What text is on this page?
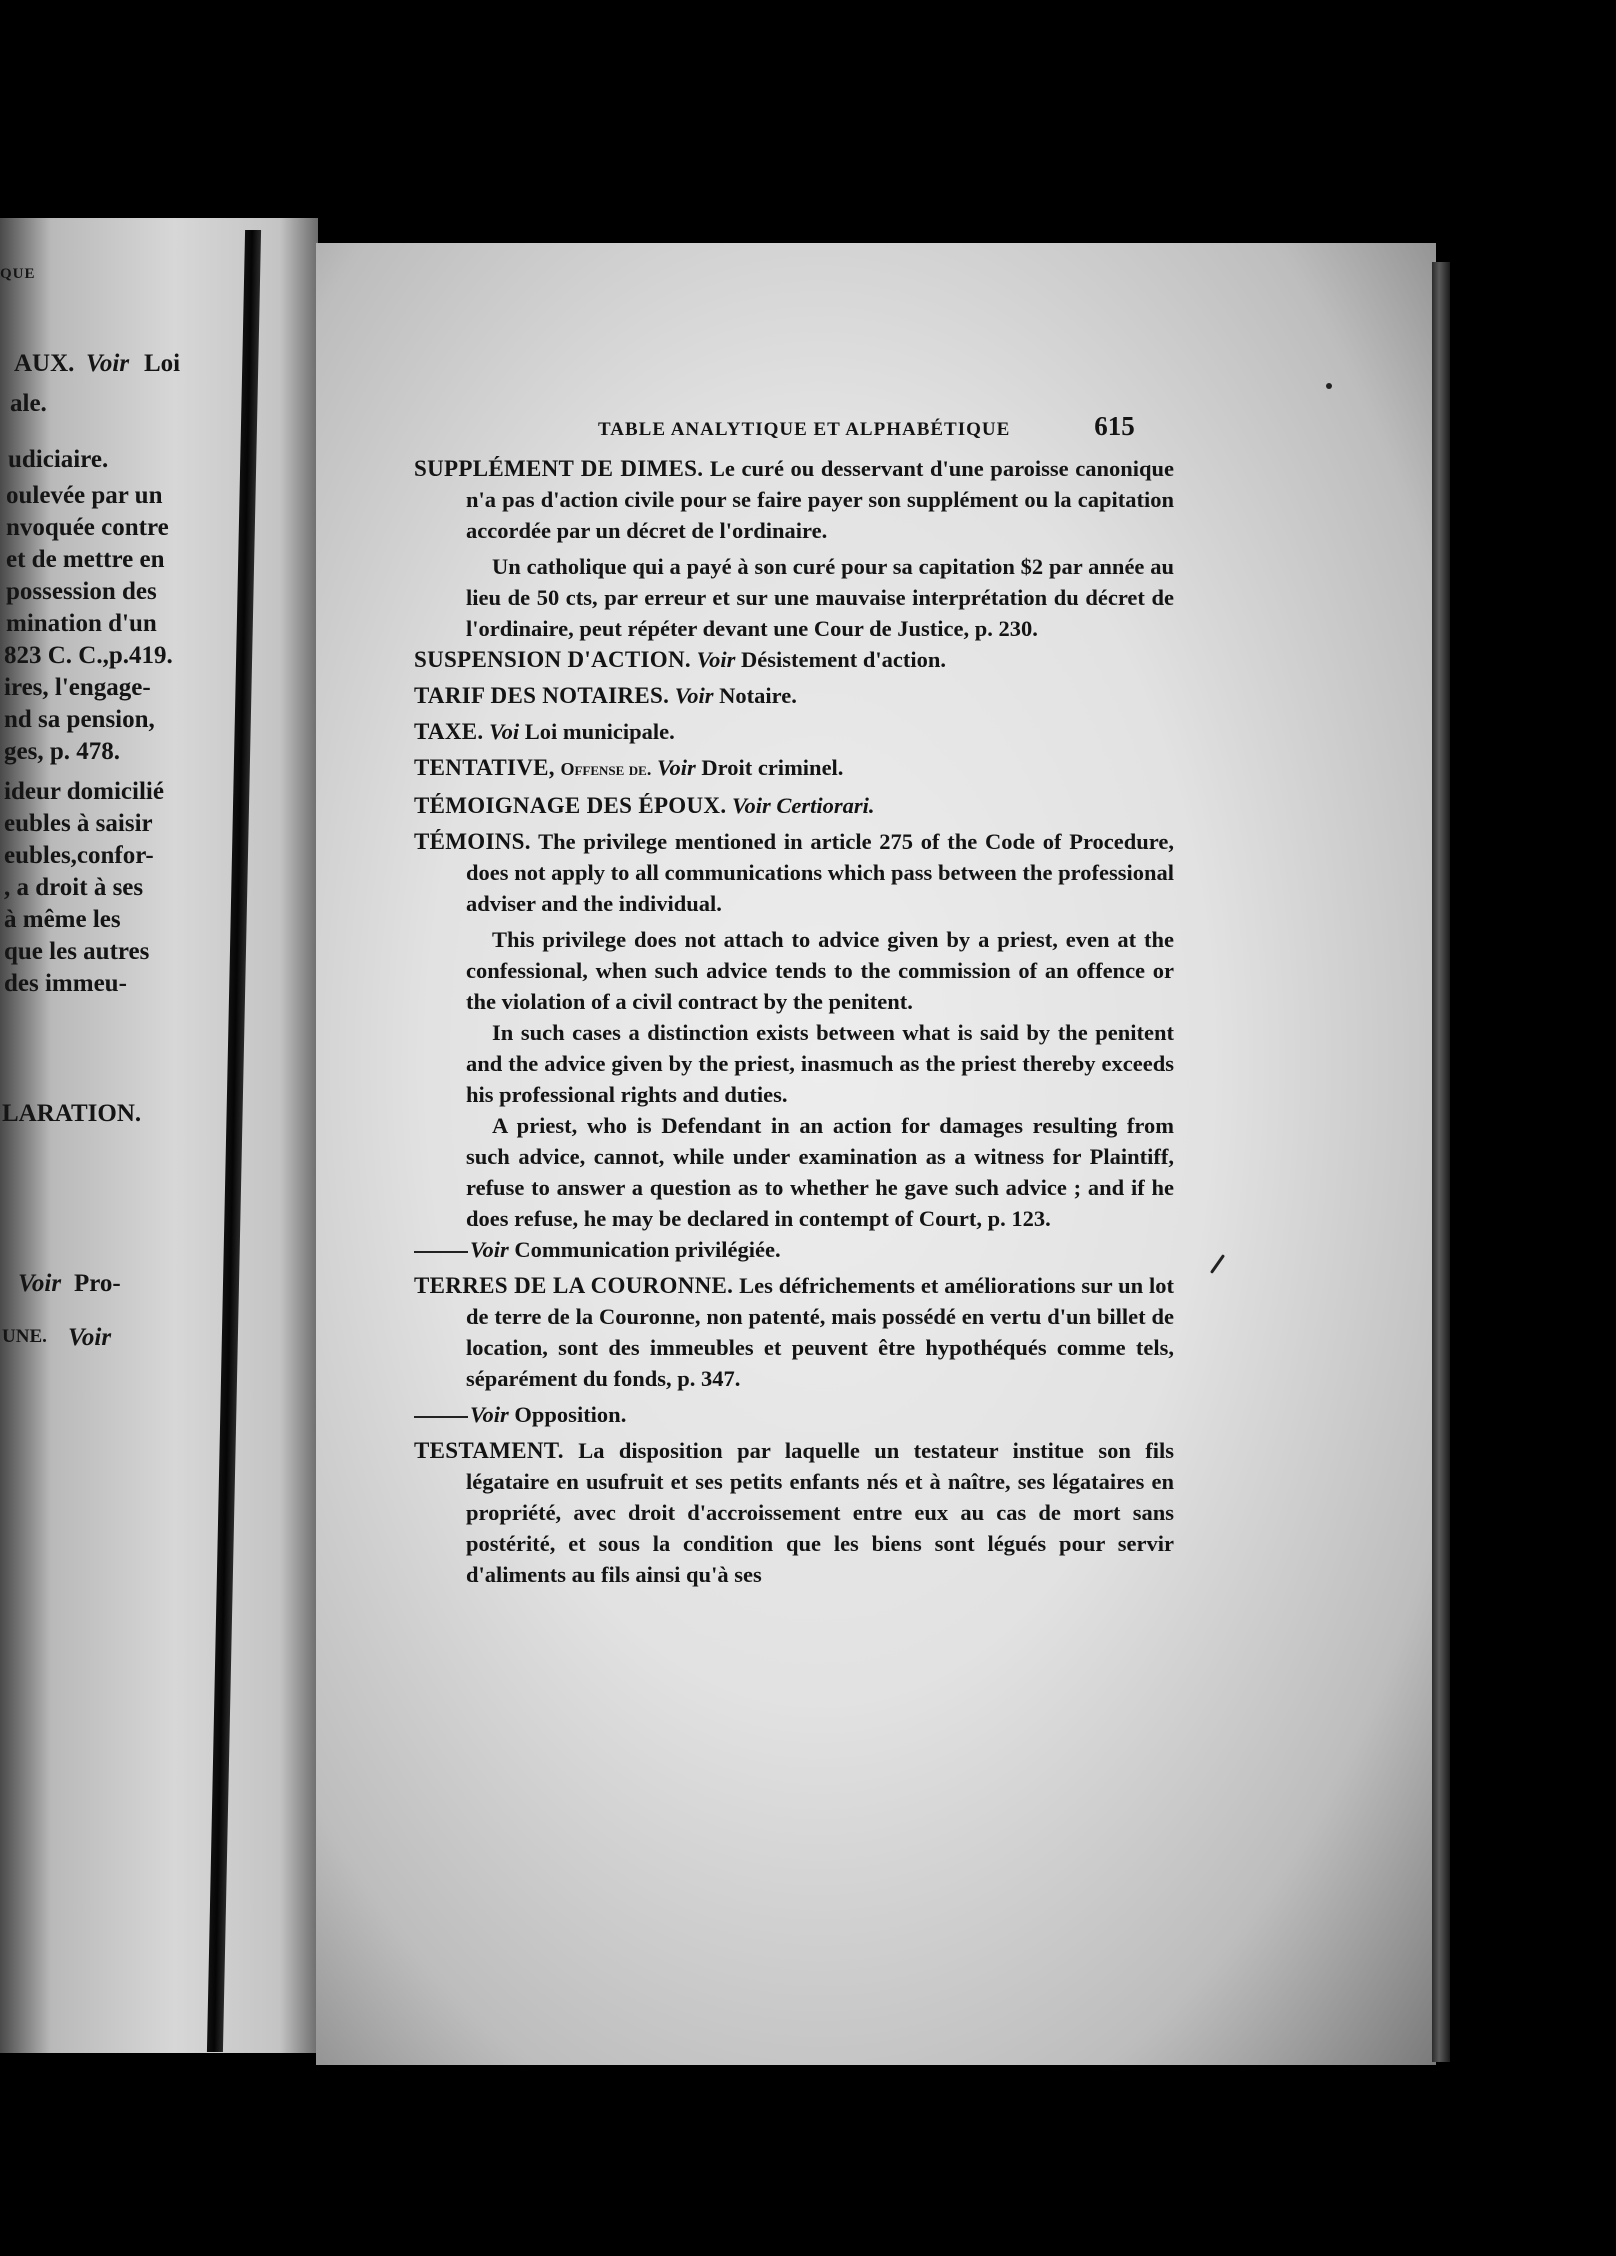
QUE
AUX. Voir Loi
ale.
udiciaire.
oulevée par un
nvoquée contre
et de mettre en
possession des
mination d'un
823 C. C.,p.419.
ires, l'engage-
nd sa pension,
ges, p. 478.
ideur domicilié
eubles à saisir
eubles,confor-
, a droit à ses
à même les
que les autres
des immeu-
LARATION.
Voir Pro-
UNE. Voir
TABLE ANALYTIQUE ET ALPHABÉTIQUE	615

SUPPLÉMENT DE DIMES. Le curé ou desservant d'une paroisse canonique n'a pas d'action civile pour se faire payer son supplément ou la capitation accordée par un décret de l'ordinaire.

Un catholique qui a payé à son curé pour sa capitation $2 par année au lieu de 50 cts, par erreur et sur une mauvaise interprétation du décret de l'ordinaire, peut répéter devant une Cour de Justice, p. 230.

SUSPENSION D'ACTION. Voir Désistement d'action.

TARIF DES NOTAIRES. Voir Notaire.

TAXE. Voi Loi municipale.

TENTATIVE, Offense de. Voir Droit criminel.

TÉMOIGNAGE DES ÉPOUX. Voir Certiorari.

TÉMOINS. The privilege mentioned in article 275 of the Code of Procedure, does not apply to all communications which pass between the professional adviser and the individual.

This privilege does not attach to advice given by a priest, even at the confessional, when such advice tends to the commission of an offence or the violation of a civil contract by the penitent.

In such cases a distinction exists between what is said by the penitent and the advice given by the priest, inasmuch as the priest thereby exceeds his professional rights and duties.

A priest, who is Defendant in an action for damages resulting from such advice, cannot, while under examination as a witness for Plaintiff, refuse to answer a question as to whether he gave such advice ; and if he does refuse, he may be declared in contempt of Court, p. 123.

Voir Communication privilégiée.

TERRES DE LA COURONNE. Les défrichements et améliorations sur un lot de terre de la Couronne, non patenté, mais possédé en vertu d'un billet de location, sont des immeubles et peuvent être hypothéqués comme tels, séparément du fonds, p. 347.

Voir Opposition.

TESTAMENT. La disposition par laquelle un testateur institue son fils légataire en usufruit et ses petits enfants nés et à naître, ses légataires en propriété, avec droit d'accroissement entre eux au cas de mort sans postérité, et sous la condition que les biens sont légués pour servir d'aliments au fils ainsi qu'à ses
